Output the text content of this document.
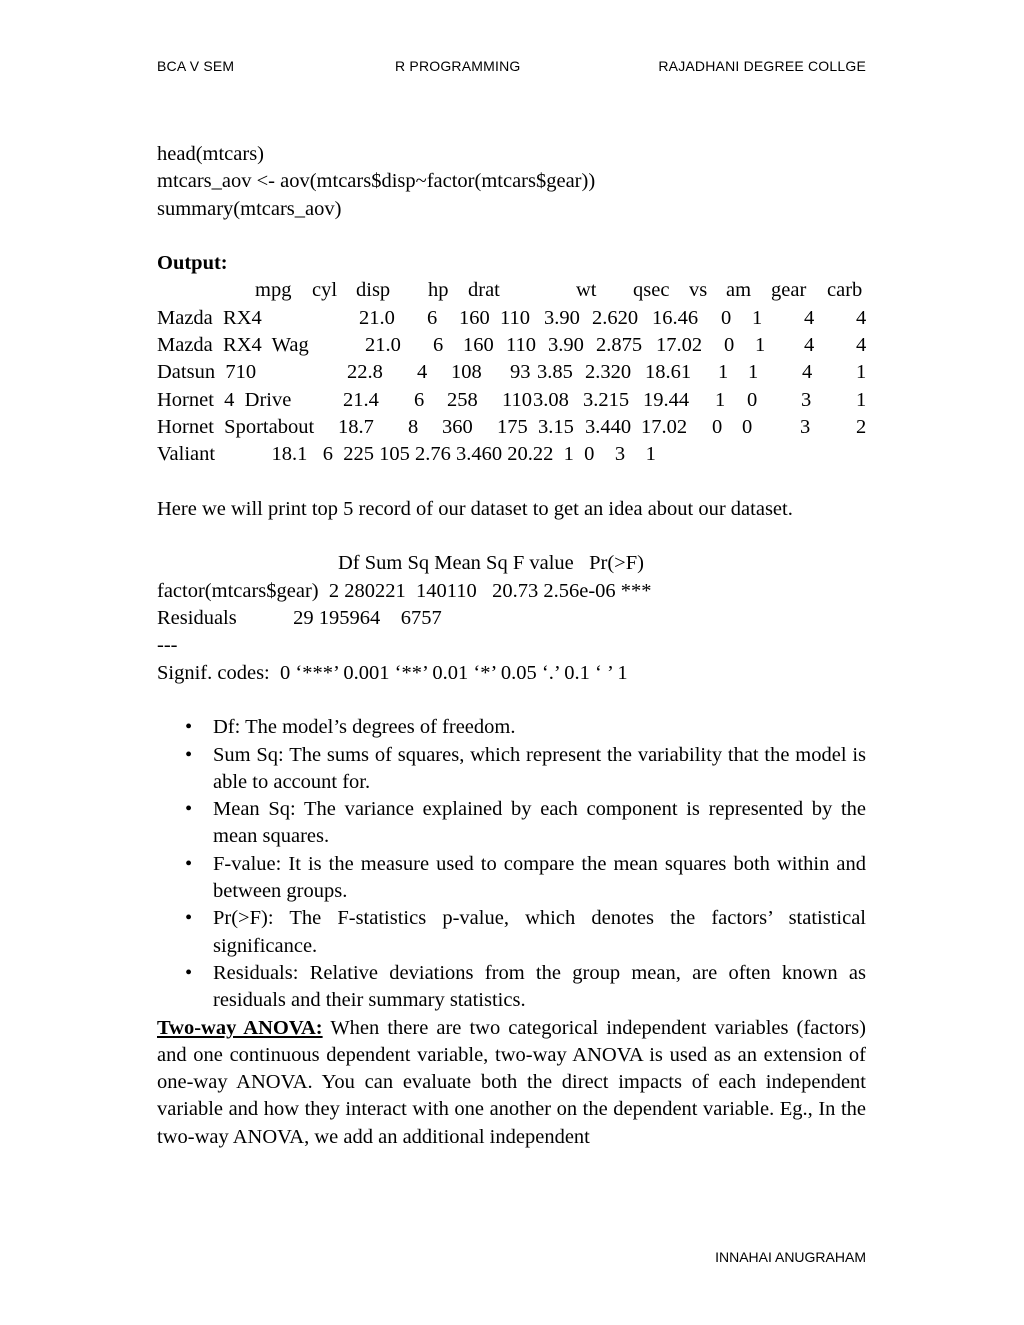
BCA V SEM	R PROGRAMMING	RAJADHANI DEGREE COLLGE
head(mtcars)
mtcars_aov <- aov(mtcars$disp~factor(mtcars$gear))
summary(mtcars_aov)
Output:
mpg cyl disp hp drat	wt qsec vs am gear carb
Mazda  RX4	21.0 6 160 110 3.90 2.620 16.46 0 1 4 4
Mazda  RX4  Wag	21.0 6 160 110 3.90 2.875 17.02 0 1 4 4
Datsun  710	22.8 4 108 93 3.85 2.320 18.61 1 1 4 1
Hornet  4  Drive	21.4 6 258 110 3.08 3.215 19.44 1 0 3 1
Hornet  Sportabout 18.7 8 360 175 3.15 3.440 17.02 0 0 3 2
Valiant           18.1   6  225 105 2.76 3.460 20.22  1  0    3    1
Here we will print top 5 record of our dataset to get an idea about our dataset.
Df Sum Sq Mean Sq F value   Pr(>F)
factor(mtcars$gear)  2 280221  140110   20.73 2.56e-06 ***
Residuals           29 195964    6757
---
Signif. codes:  0 ‘***’ 0.001 ‘**’ 0.01 ‘*’ 0.05 ‘.’ 0.1 ‘ ’ 1
• Df: The model’s degrees of freedom.
• Sum Sq: The sums of squares, which represent the variability that the model is able to account for.
• Mean Sq: The variance explained by each component is represented by the mean squares.
• F-value: It is the measure used to compare the mean squares both within and between groups.
• Pr(>F): The F-statistics p-value, which denotes the factors’ statistical significance.
• Residuals: Relative deviations from the group mean, are often known as residuals and their summary statistics.
Two-way ANOVA: When there are two categorical independent variables (factors) and one continuous dependent variable, two-way ANOVA is used as an extension of one-way ANOVA. You can evaluate both the direct impacts of each independent variable and how they interact with one another on the dependent variable. Eg., In the two-way ANOVA, we add an additional independent
INNAHAI ANUGRAHAM
